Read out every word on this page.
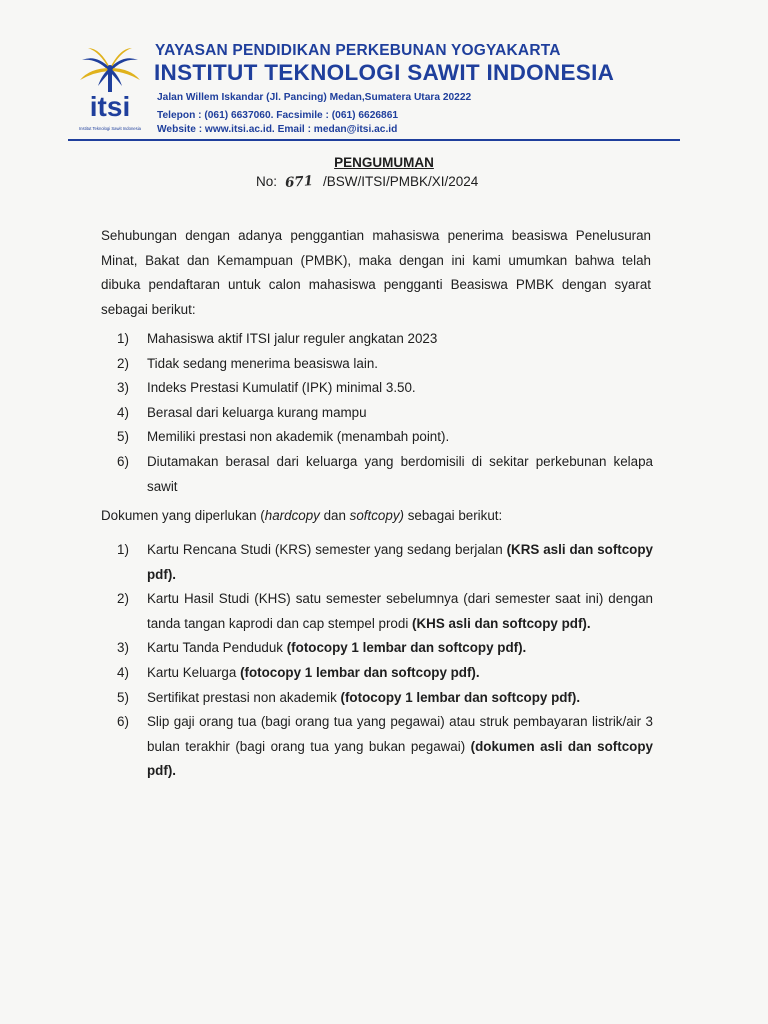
itsi
Institut Teknologi Sawit Indonesia
YAYASAN PENDIDIKAN PERKEBUNAN YOGYAKARTA
INSTITUT TEKNOLOGI SAWIT INDONESIA
Jalan Willem Iskandar (Jl. Pancing) Medan,Sumatera Utara 20222
Telepon : (061) 6637060. Facsimile : (061) 6626861
Website : www.itsi.ac.id. Email : medan@itsi.ac.id
PENGUMUMAN
No: 671 /BSW/ITSI/PMBK/XI/2024
Sehubungan dengan adanya penggantian mahasiswa penerima beasiswa Penelusuran Minat, Bakat dan Kemampuan (PMBK), maka dengan ini kami umumkan bahwa telah dibuka pendaftaran untuk calon mahasiswa pengganti Beasiswa PMBK dengan syarat sebagai berikut:
1) Mahasiswa aktif ITSI jalur reguler angkatan 2023
2) Tidak sedang menerima beasiswa lain.
3) Indeks Prestasi Kumulatif (IPK) minimal 3.50.
4) Berasal dari keluarga kurang mampu
5) Memiliki prestasi non akademik (menambah point).
6) Diutamakan berasal dari keluarga yang berdomisili di sekitar perkebunan kelapa sawit
Dokumen yang diperlukan (hardcopy dan softcopy) sebagai berikut:
1) Kartu Rencana Studi (KRS) semester yang sedang berjalan (KRS asli dan softcopy pdf).
2) Kartu Hasil Studi (KHS) satu semester sebelumnya (dari semester saat ini) dengan tanda tangan kaprodi dan cap stempel prodi (KHS asli dan softcopy pdf).
3) Kartu Tanda Penduduk (fotocopy 1 lembar dan softcopy pdf).
4) Kartu Keluarga (fotocopy 1 lembar dan softcopy pdf).
5) Sertifikat prestasi non akademik (fotocopy 1 lembar dan softcopy pdf).
6) Slip gaji orang tua (bagi orang tua yang pegawai) atau struk pembayaran listrik/air 3 bulan terakhir (bagi orang tua yang bukan pegawai) (dokumen asli dan softcopy pdf).
